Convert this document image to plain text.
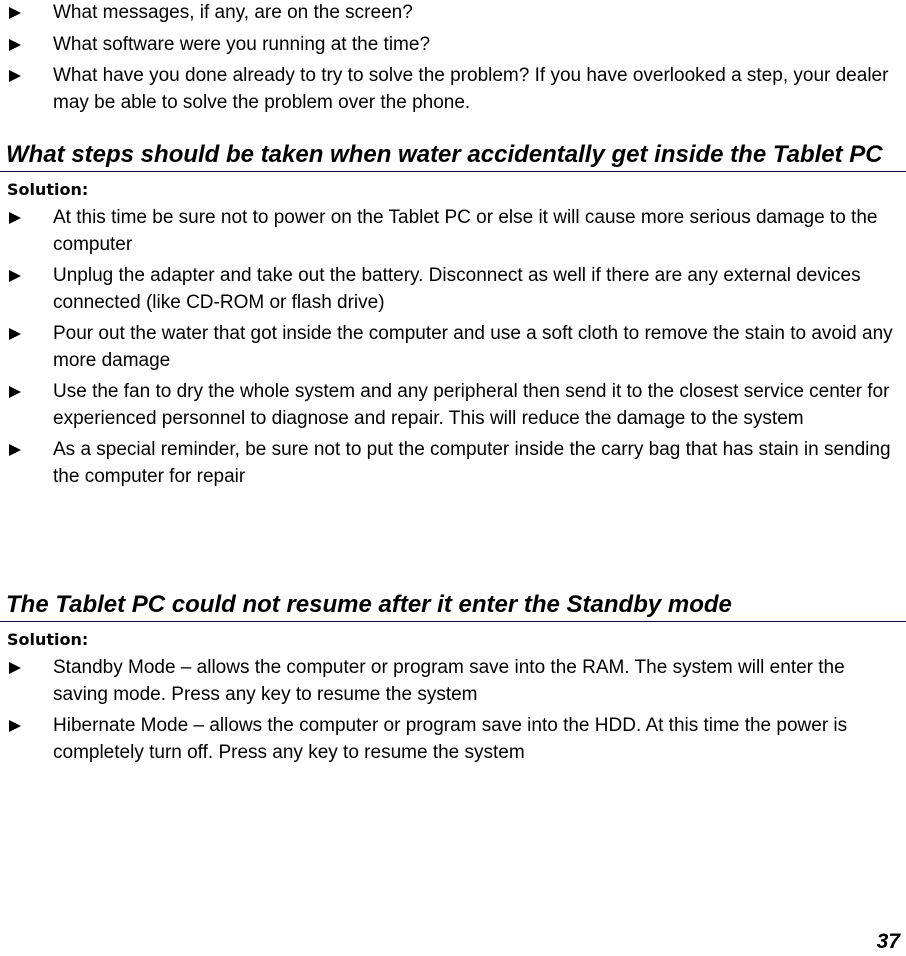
What messages, if any, are on the screen?
What software were you running at the time?
What have you done already to try to solve the problem? If you have overlooked a step, your dealer may be able to solve the problem over the phone.
What steps should be taken when water accidentally get inside the Tablet PC
Solution:
At this time be sure not to power on the Tablet PC or else it will cause more serious damage to the computer
Unplug the adapter and take out the battery. Disconnect as well if there are any external devices connected (like CD-ROM or flash drive)
Pour out the water that got inside the computer and use a soft cloth to remove the stain to avoid any more damage
Use the fan to dry the whole system and any peripheral then send it to the closest service center for experienced personnel to diagnose and repair. This will reduce the damage to the system
As a special reminder, be sure not to put the computer inside the carry bag that has stain in sending the computer for repair
The Tablet PC could not resume after it enter the Standby mode
Solution:
Standby Mode – allows the computer or program save into the RAM. The system will enter the saving mode. Press any key to resume the system
Hibernate Mode – allows the computer or program save into the HDD. At this time the power is completely turn off. Press any key to resume the system
37
